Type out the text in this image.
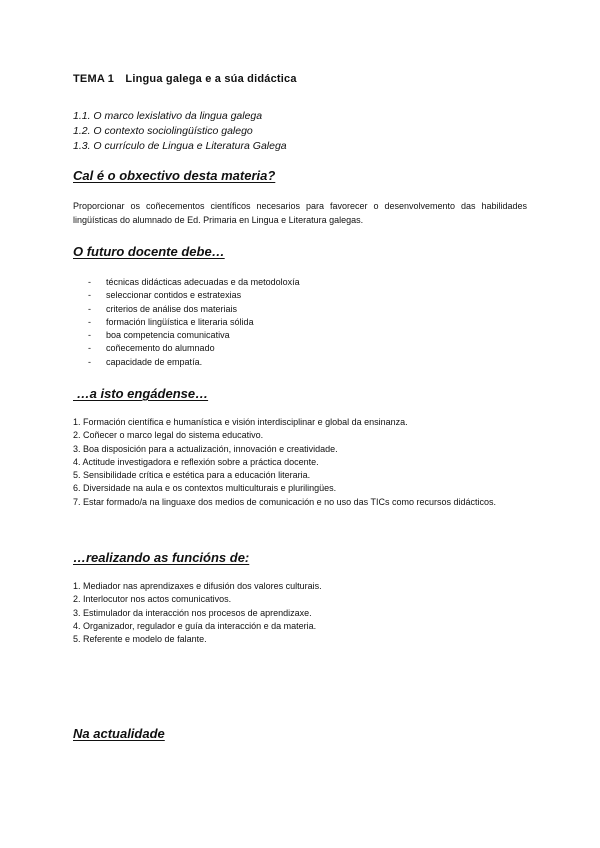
TEMA 1 Lingua galega e a súa didáctica
1.1. O marco lexislativo da lingua galega
1.2. O contexto sociolingüístico galego
1.3. O currículo de Lingua e Literatura Galega
Cal é o obxectivo desta materia?
Proporcionar os coñecementos científicos necesarios para favorecer o desenvolvemento das habilidades lingüísticas do alumnado de Ed. Primaria en Lingua e Literatura galegas.
O futuro docente debe…
-	técnicas didácticas adecuadas e da metodoloxía
-	seleccionar contidos e estratexias
-	criterios de análise dos materiais
-	formación lingüística e literaria sólida
-	boa competencia comunicativa
-	coñecemento do alumnado
-	capacidade de empatía.
…a isto engádense…
1. Formación científica e humanística e visión interdisciplinar e global da ensinanza.
2. Coñecer o marco legal do sistema educativo.
3. Boa disposición para a actualización, innovación e creatividade.
4. Actitude investigadora e reflexión sobre a práctica docente.
5. Sensibilidade crítica e estética para a educación literaria.
6. Diversidade na aula e os contextos multiculturais e plurilingües.
7. Estar formado/a na linguaxe dos medios de comunicación e no uso das TICs como recursos didácticos.
…realizando as funcións de:
1. Mediador nas aprendizaxes e difusión dos valores culturais.
2. Interlocutor nos actos comunicativos.
3. Estimulador da interacción nos procesos de aprendizaxe.
4. Organizador, regulador e guía da interacción e da materia.
5. Referente e modelo de falante.
Na actualidade
